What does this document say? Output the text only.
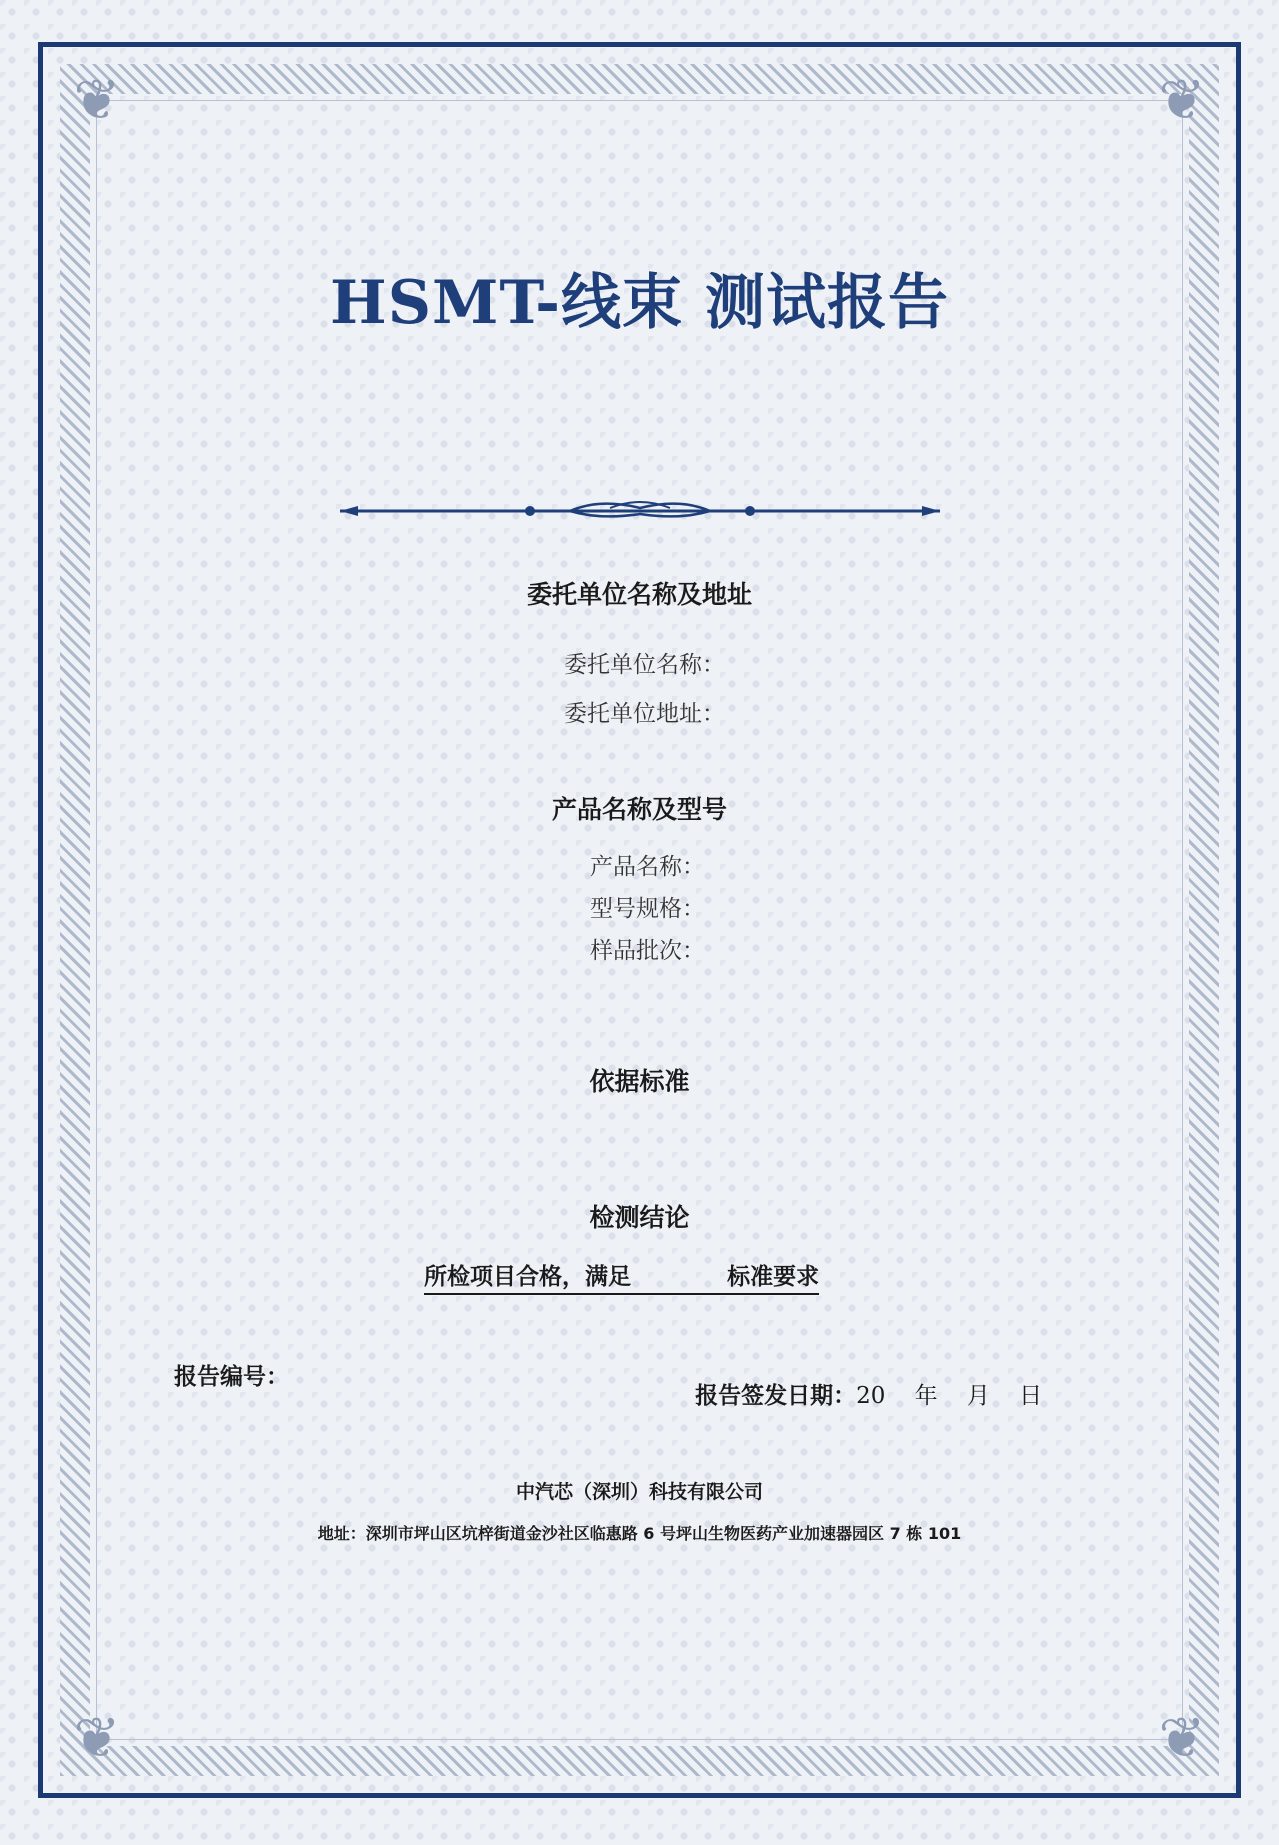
❦	❦
❦	❦
HSMT-线束 测试报告
委托单位名称及地址
委托单位名称：
委托单位地址：
产品名称及型号
产品名称：
型号规格：
样品批次：
依据标准
检测结论
所检项目合格，满足            标准要求
报告编号：

报告签发日期：20    年    月    日

中汽芯（深圳）科技有限公司
地址：深圳市坪山区坑梓街道金沙社区临惠路 6 号坪山生物医药产业加速器园区 7 栋 101
